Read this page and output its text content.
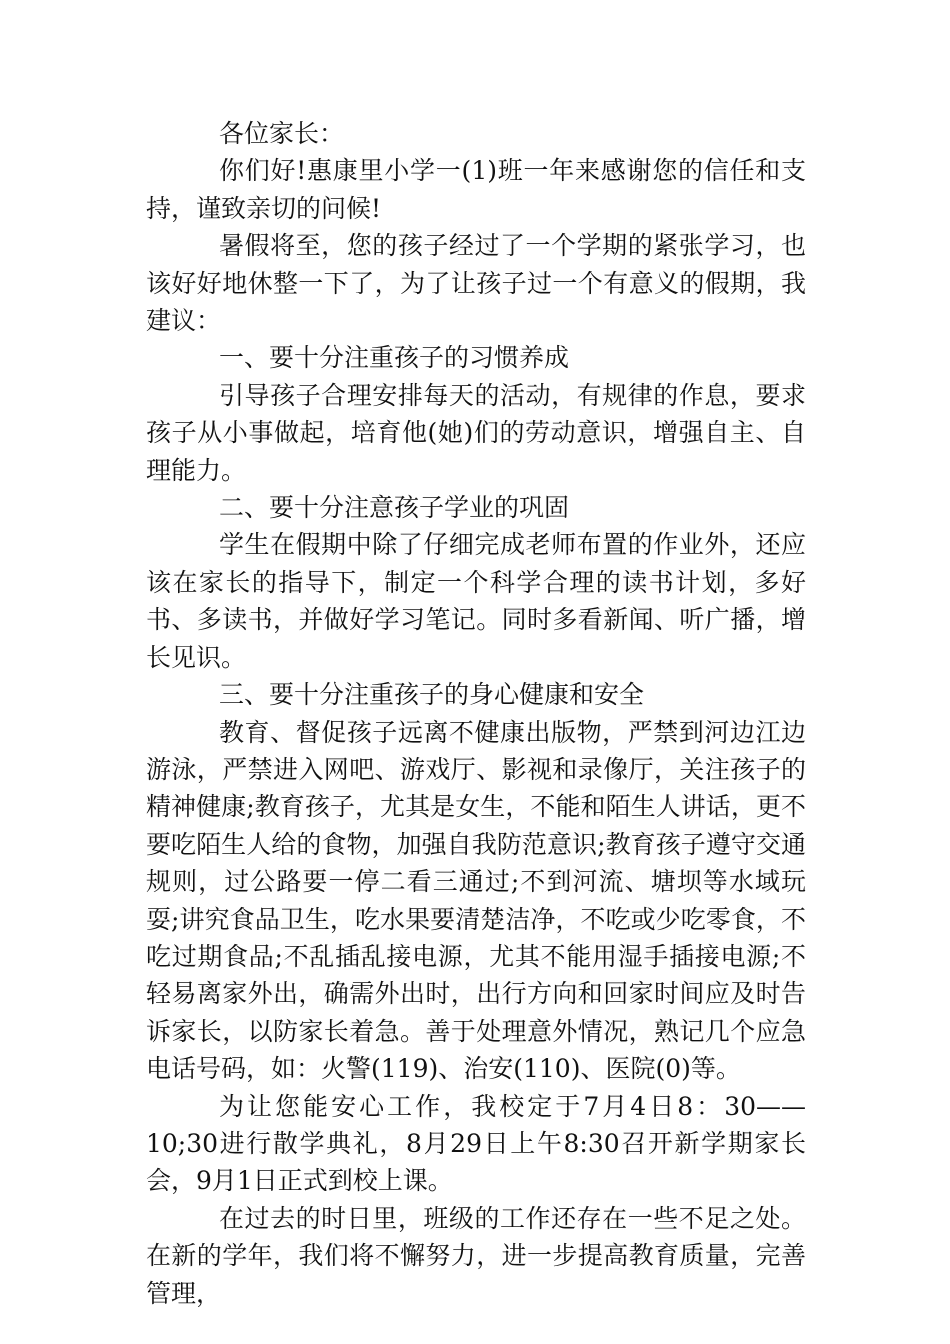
各位家长：

你们好!惠康里小学一(1)班一年来感谢您的信任和支持，谨致亲切的问候!

暑假将至，您的孩子经过了一个学期的紧张学习，也该好好地休整一下了，为了让孩子过一个有意义的假期，我建议：

一、要十分注重孩子的习惯养成

引导孩子合理安排每天的活动，有规律的作息，要求孩子从小事做起，培育他(她)们的劳动意识，增强自主、自理能力。

二、要十分注意孩子学业的巩固

学生在假期中除了仔细完成老师布置的作业外，还应该在家长的指导下，制定一个科学合理的读书计划，多好书、多读书，并做好学习笔记。同时多看新闻、听广播，增长见识。

三、要十分注重孩子的身心健康和安全

教育、督促孩子远离不健康出版物，严禁到河边江边游泳，严禁进入网吧、游戏厅、影视和录像厅，关注孩子的精神健康;教育孩子，尤其是女生，不能和陌生人讲话，更不要吃陌生人给的食物，加强自我防范意识;教育孩子遵守交通规则，过公路要一停二看三通过;不到河流、塘坝等水域玩耍;讲究食品卫生，吃水果要清楚洁净，不吃或少吃零食，不吃过期食品;不乱插乱接电源，尤其不能用湿手插接电源;不轻易离家外出，确需外出时，出行方向和回家时间应及时告诉家长，以防家长着急。善于处理意外情况，熟记几个应急电话号码，如：火警(119)、治安(110)、医院(0)等。

为让您能安心工作，我校定于7月4日8：30——10;30进行散学典礼，8月29日上午8:30召开新学期家长会，9月1日正式到校上课。

在过去的时日里，班级的工作还存在一些不足之处。在新的学年，我们将不懈努力，进一步提高教育质量，完善管理，
